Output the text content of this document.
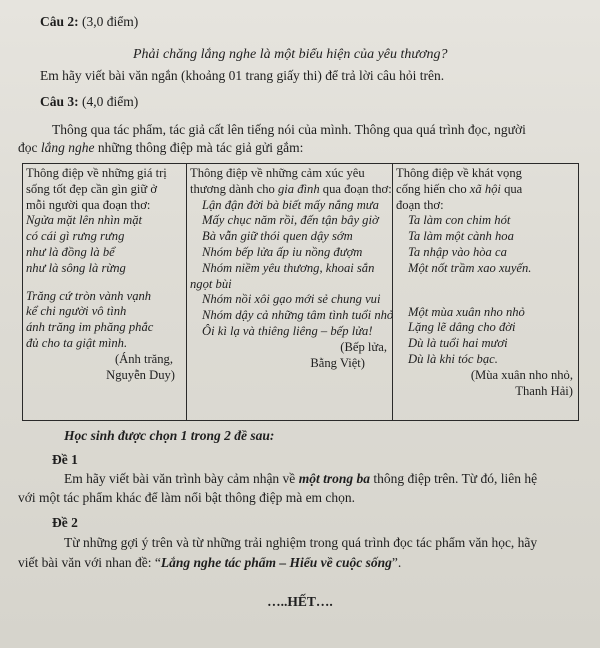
Câu 2: (3,0 điểm)
Phải chăng lắng nghe là một biểu hiện của yêu thương?
Em hãy viết bài văn ngắn (khoảng 01 trang giấy thi) để trả lời câu hỏi trên.
Câu 3: (4,0 điểm)
Thông qua tác phẩm, tác giả cất lên tiếng nói của mình. Thông qua quá trình đọc, người
đọc lắng nghe những thông điệp mà tác giả gửi gắm:
Thông điệp về những giá trị
sống tốt đẹp cần gìn giữ ở
mỗi người qua đoạn thơ:
Ngửa mặt lên nhìn mặt
có cái gì rưng rưng
như là đồng là bể
như là sông là rừng
Trăng cứ tròn vành vạnh
kể chi người vô tình
ánh trăng im phăng phắc
đủ cho ta giật mình.
(Ánh trăng,
Nguyễn Duy)

Thông điệp về những cảm xúc yêu
thương dành cho gia đình qua đoạn thơ:
Lận đận đời bà biết mấy nắng mưa
Mấy chục năm rồi, đến tận bây giờ
Bà vẫn giữ thói quen dậy sớm
Nhóm bếp lửa ấp iu nồng đượm
Nhóm niềm yêu thương, khoai sắn
ngọt bùi
Nhóm nồi xôi gạo mới sẻ chung vui
Nhóm dậy cả những tâm tình tuổi nhỏ
Ôi kì lạ và thiêng liêng – bếp lửa!
(Bếp lửa,
Bằng Việt)

Thông điệp về khát vọng
cống hiến cho xã hội qua
đoạn thơ:
Ta làm con chim hót
Ta làm một cành hoa
Ta nhập vào hòa ca
Một nốt trầm xao xuyến.
Một mùa xuân nho nhỏ
Lặng lẽ dâng cho đời
Dù là tuổi hai mươi
Dù là khi tóc bạc.
(Mùa xuân nho nhỏ,
Thanh Hải)
Học sinh được chọn 1 trong 2 đề sau:
Đề 1
Em hãy viết bài văn trình bày cảm nhận về một trong ba thông điệp trên. Từ đó, liên hệ
với một tác phẩm khác để làm nổi bật thông điệp mà em chọn.
Đề 2
Từ những gợi ý trên và từ những trải nghiệm trong quá trình đọc tác phẩm văn học, hãy
viết bài văn với nhan đề: “Lắng nghe tác phẩm – Hiểu về cuộc sống”.
…..HẾT….
